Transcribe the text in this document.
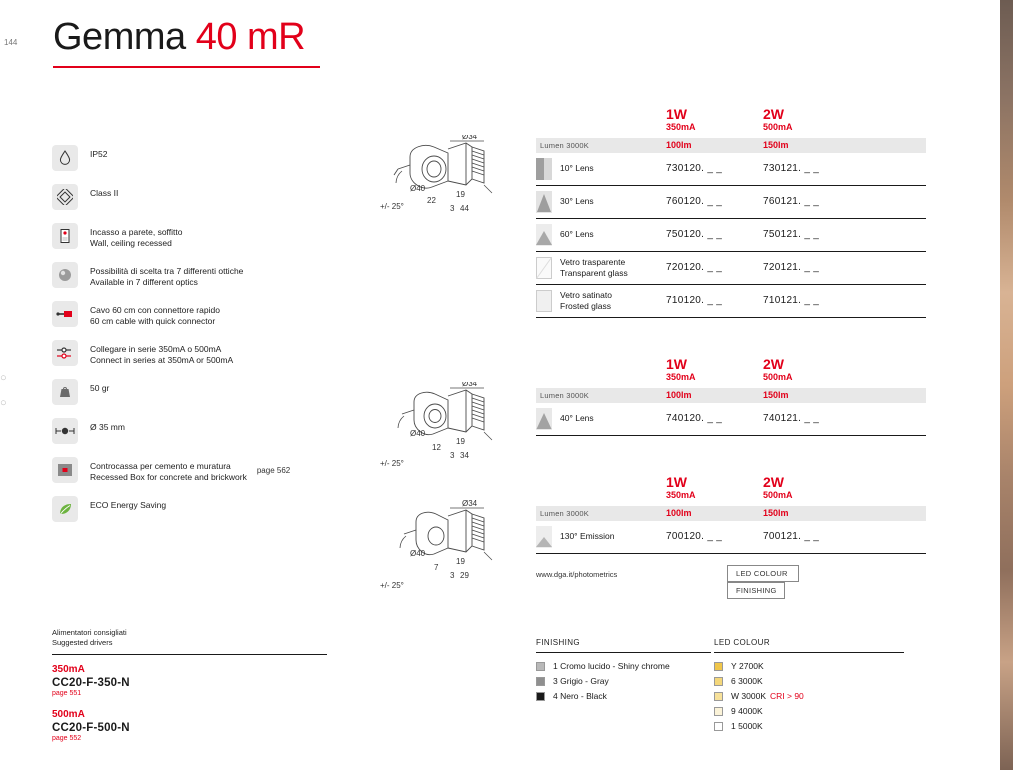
144 Gemma 40 mR
IP52
Class II
Incasso a parete, soffitto
Wall, ceiling recessed
Possibilità di scelta tra 7 differenti ottiche
Available in 7 different optics
Cavo 60 cm con connettore rapido
60 cm cable with quick connector
Collegare in serie 350mA o 500mA
Connect in series at 350mA or 500mA
50 gr
Ø 35 mm
Controcassa per cemento e muratura
Recessed Box for concrete and brickwork
page 562
ECO Energy Saving
○
○
Ø34
Ø40
22
19
3 44
+/- 25°
Ø34
Ø40
12
19
3 34
+/- 25°
Ø34
Ø40
7
19
3 29
+/- 25°
1W
350mA
2W
500mA
Lumen 3000K	100lm	150lm
10° Lens	730120. _ _	730121. _ _
30° Lens	760120. _ _	760121. _ _
60° Lens	750120. _ _	750121. _ _
Vetro trasparente
Transparent glass	720120. _ _	720121. _ _
Vetro satinato
Frosted glass	710120. _ _	710121. _ _
1W
350mA
2W
500mA
Lumen 3000K	100lm	150lm
40° Lens	740120. _ _	740121. _ _
1W
350mA
2W
500mA
Lumen 3000K	100lm	150lm
130° Emission	700120. _ _	700121. _ _
www.dga.it/photometrics	LED COLOUR
FINISHING
Alimentatori consigliati
Suggested drivers
350mA
CC20-F-350-N
page 551
500mA
CC20-F-500-N
page 552
FINISHING
1
Cromo lucido - Shiny chrome
3
Grigio - Gray
4
Nero - Black
LED COLOUR
Y
2700K
6
3000K
W
3000K CRI > 90
9
4000K
1
5000K
